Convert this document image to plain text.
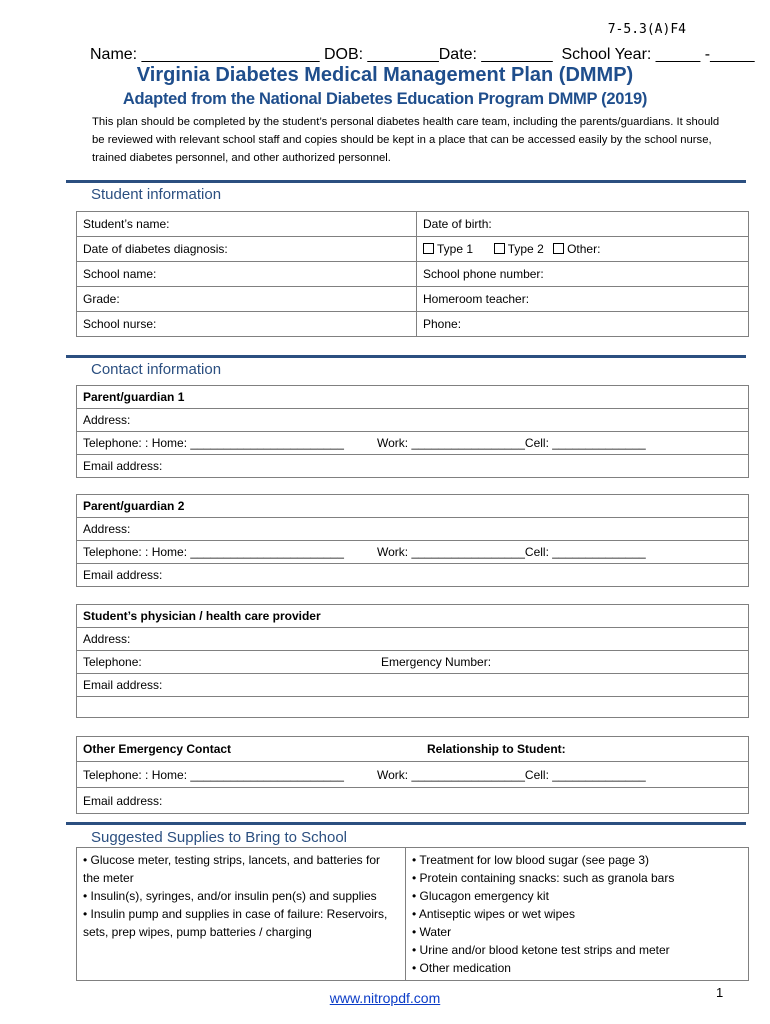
7-5.3(A)F4
Name: ____________________ DOB: ________Date: ________  School Year: _____ -_____
Virginia Diabetes Medical Management Plan (DMMP)
Adapted from the National Diabetes Education Program DMMP (2019)
This plan should be completed by the student’s personal diabetes health care team, including the parents/guardians. It should be reviewed with relevant school staff and copies should be kept in a place that can be accessed easily by the school nurse, trained diabetes personnel, and other authorized personnel.
Student information
Student’s name:	Date of birth:
Date of diabetes diagnosis:	Type 1 Type 2 Other:
School name:	School phone number:
Grade:	Homeroom teacher:
School nurse:	Phone:
Contact information
Parent/guardian 1
Address:
Telephone: : Home: _______________________	Work: _________________Cell: ______________
Email address:
Parent/guardian 2
Address:
Telephone: : Home: _______________________	Work: _________________Cell: ______________
Email address:
Student’s physician / health care provider
Address:
Telephone:	Emergency Number:
Email address:

Other Emergency Contact	Relationship to Student:
Telephone: : Home: _______________________	Work: _________________Cell: ______________
Email address:
Suggested Supplies to Bring to School
• Glucose meter, testing strips, lancets, and batteries for the meter
• Insulin(s), syringes, and/or insulin pen(s) and supplies
• Insulin pump and supplies in case of failure: Reservoirs, sets, prep wipes, pump batteries / charging

• Treatment for low blood sugar (see page 3)
• Protein containing snacks: such as granola bars
• Glucagon emergency kit
• Antiseptic wipes or wet wipes
• Water
• Urine and/or blood ketone test strips and meter
• Other medication
www.nitropdf.com	1
